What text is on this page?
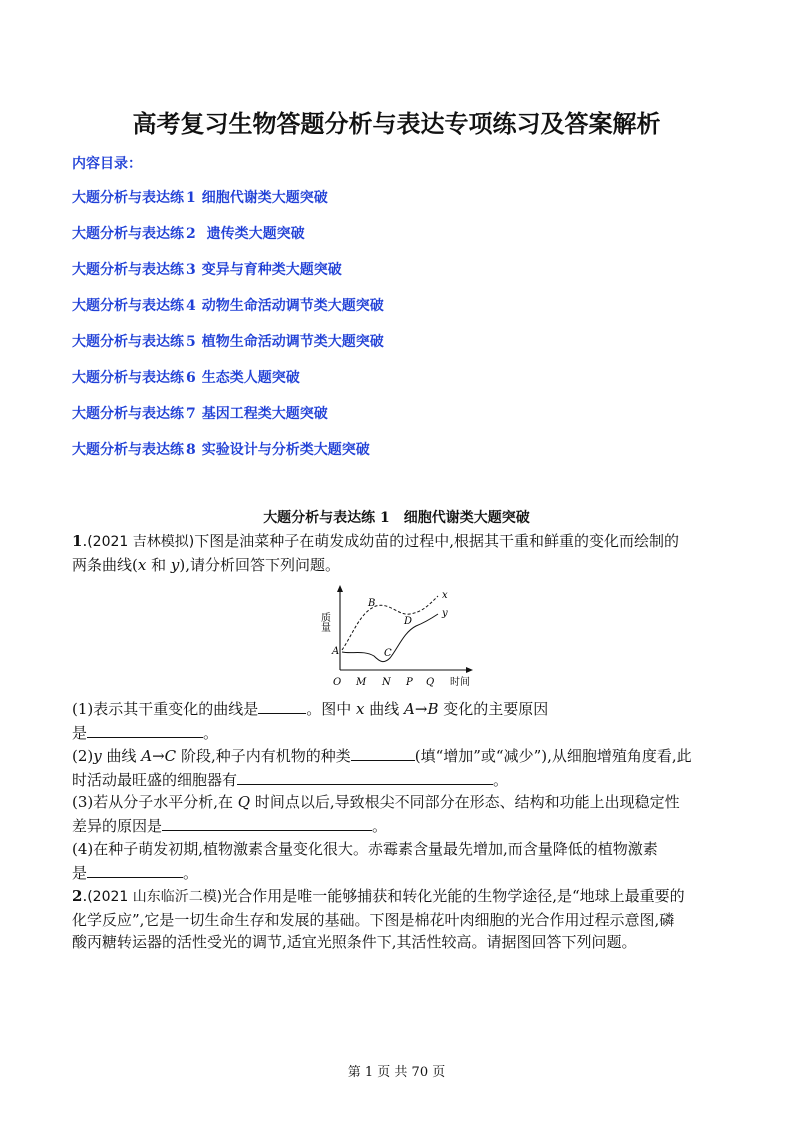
高考复习生物答题分析与表达专项练习及答案解析
内容目录：
大题分析与表达练 1 细胞代谢类大题突破
大题分析与表达练 2 遗传类大题突破
大题分析与表达练 3 变异与育种类大题突破
大题分析与表达练 4 动物生命活动调节类大题突破
大题分析与表达练 5 植物生命活动调节类大题突破
大题分析与表达练 6 生态类人题突破
大题分析与表达练 7 基因工程类大题突破
大题分析与表达练 8 实验设计与分析类大题突破
大题分析与表达练 1　细胞代谢类大题突破
1.(2021 吉林模拟)下图是油菜种子在萌发成幼苗的过程中,根据其干重和鲜重的变化而绘制的
两条曲线(x 和 y),请分析回答下列问题。
质量
时间
O M N P Q
A
B
C
D
x
y
(1)表示其干重变化的曲线是	。图中 x 曲线 A→B 变化的主要原因
是	。
(2)y 曲线 A→C 阶段,种子内有机物的种类	(填“增加”或“减少”),从细胞增殖角度看,此
时活动最旺盛的细胞器有	。
(3)若从分子水平分析,在 Q 时间点以后,导致根尖不同部分在形态、结构和功能上出现稳定性
差异的原因是	。
(4)在种子萌发初期,植物激素含量变化很大。赤霉素含量最先增加,而含量降低的植物激素
是	。
2.(2021 山东临沂二模)光合作用是唯一能够捕获和转化光能的生物学途径,是“地球上最重要的
化学反应”,它是一切生命生存和发展的基础。下图是棉花叶肉细胞的光合作用过程示意图,磷
酸丙糖转运器的活性受光的调节,适宜光照条件下,其活性较高。请据图回答下列问题。
第 1 页 共 70 页
